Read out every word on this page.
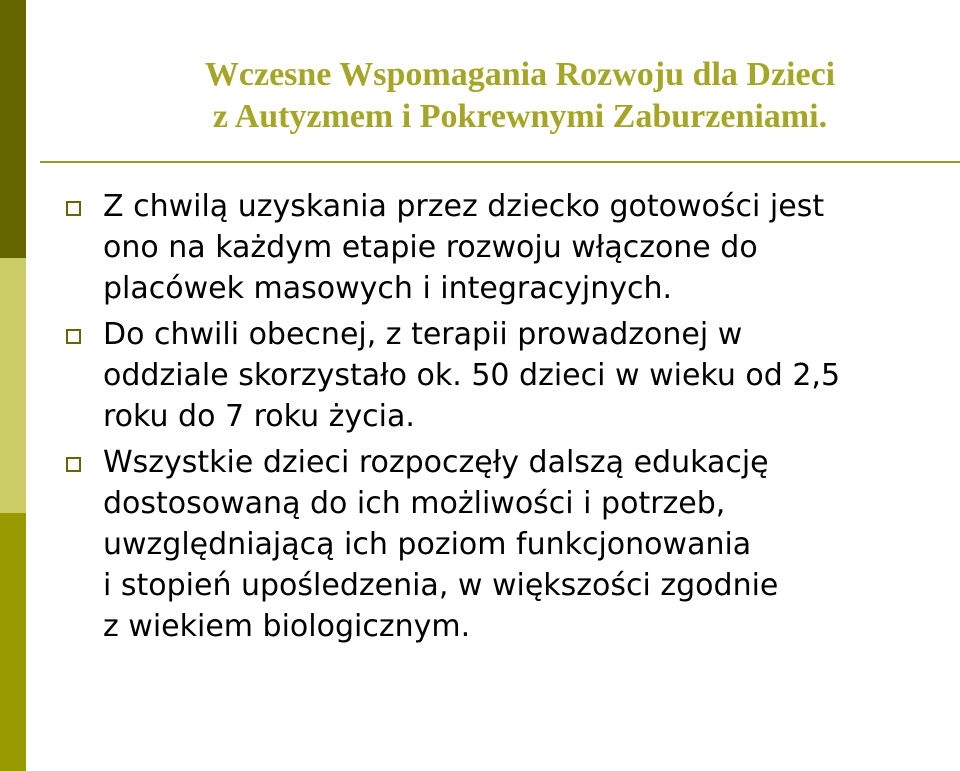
Wczesne Wspomagania Rozwoju dla Dzieci
z Autyzmem i Pokrewnymi Zaburzeniami.
Z chwilą uzyskania przez dziecko gotowości jest
ono na każdym etapie rozwoju włączone do
placówek masowych i integracyjnych.
Do chwili obecnej, z terapii prowadzonej w
oddziale skorzystało ok. 50 dzieci w wieku od 2,5
roku do 7 roku życia.
Wszystkie dzieci rozpoczęły dalszą edukację
dostosowaną do ich możliwości i potrzeb,
uwzględniającą ich poziom funkcjonowania
i stopień upośledzenia, w większości zgodnie
z wiekiem biologicznym.
